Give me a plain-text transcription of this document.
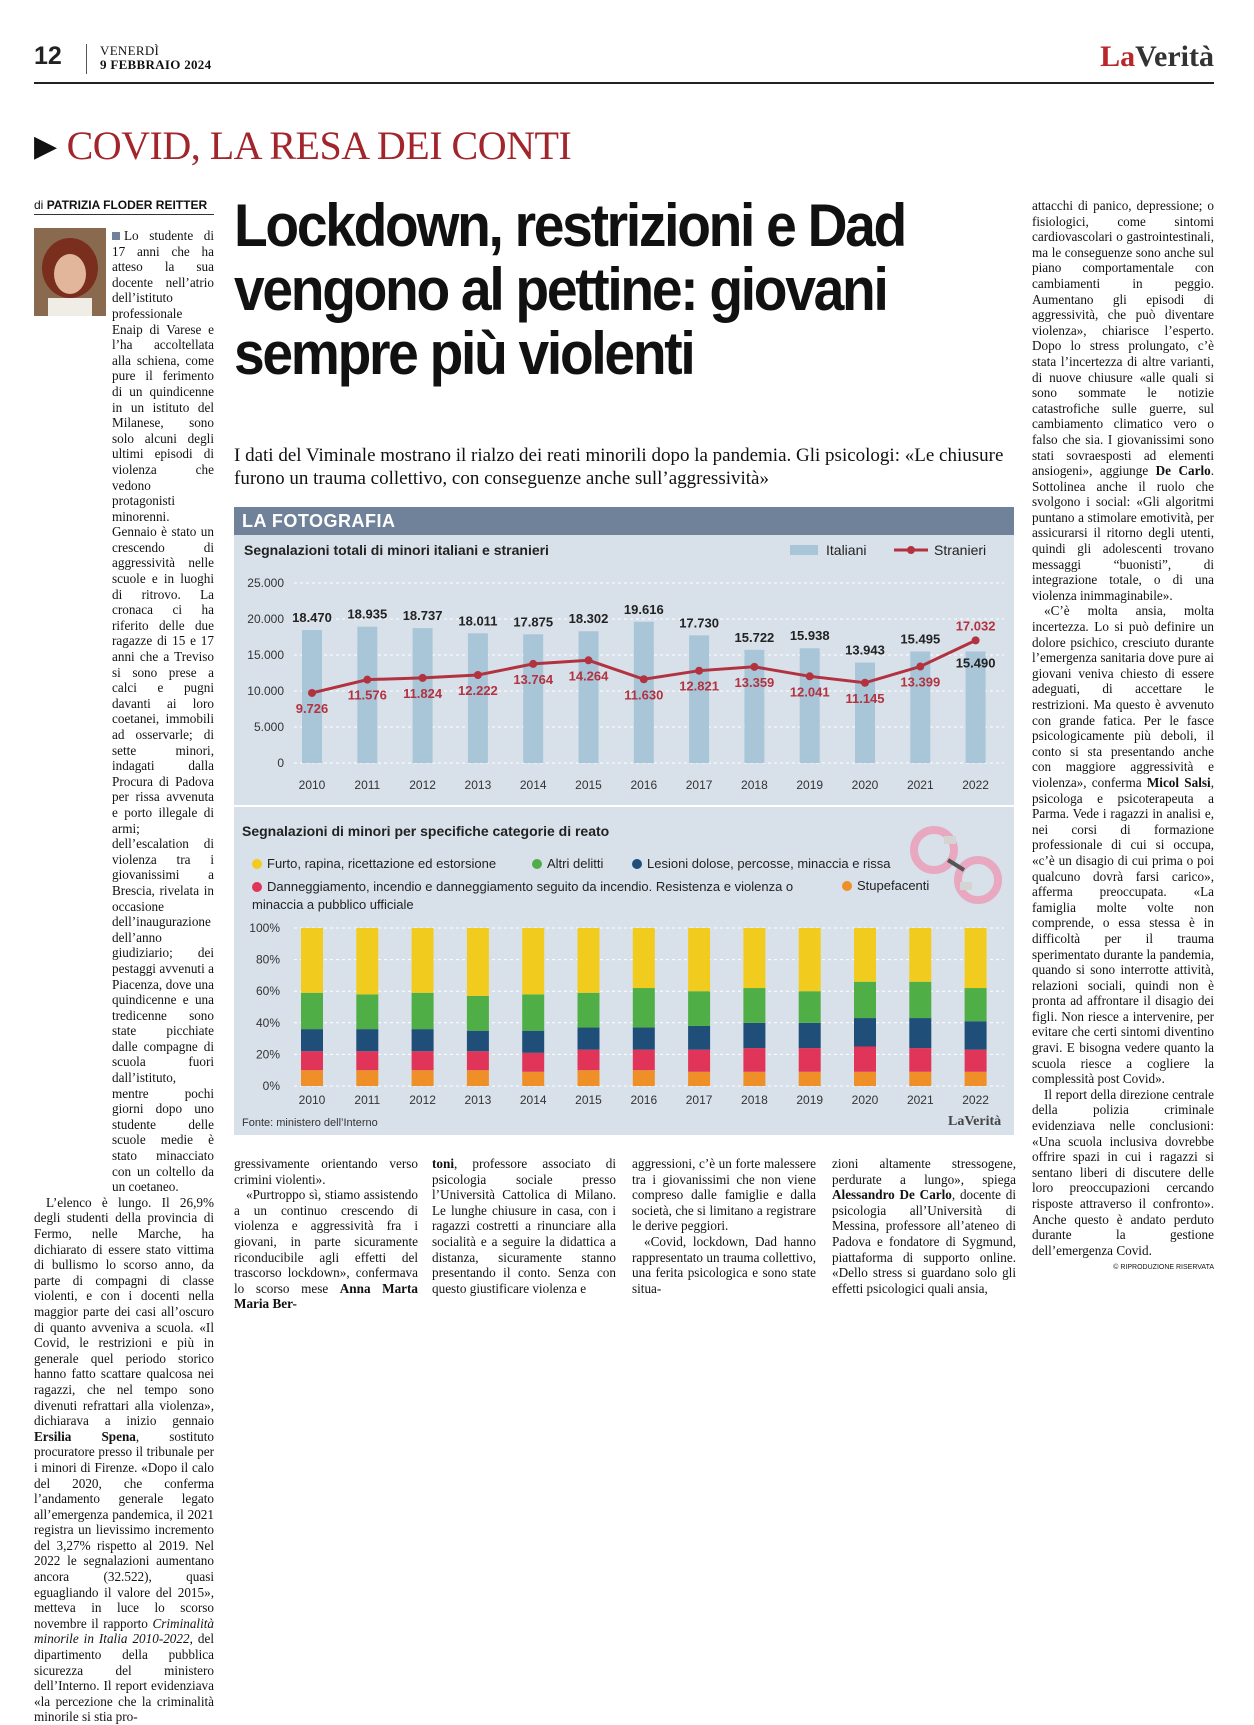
12	VENERDÌ
9 FEBBRAIO 2024	LaVerità
▶ COVID, LA RESA DEI CONTI
di PATRIZIA FLODER REITTER

Lo studente di 17 anni che ha atteso la sua docente nell’atrio dell’istituto professionale Enaip di Varese e l’ha accoltellata alla schiena, come pure il ferimento di un quindicenne in un istituto del Milanese, sono solo alcuni degli ultimi episodi di violenza che vedono protagonisti minorenni. Gennaio è stato un crescendo di aggressività nelle scuole e in luoghi di ritrovo. La cronaca ci ha riferito delle due ragazze di 15 e 17 anni che a Treviso si sono prese a calci e pugni davanti ai loro coetanei, immobili ad osservarle; di sette minori, indagati dalla Procura di Padova per rissa avvenuta e porto illegale di armi; dell’escalation di violenza tra i giovanissimi a Brescia, rivelata in occasione dell’inaugurazione dell’anno giudiziario; dei pestaggi avvenuti a Piacenza, dove una quindicenne e una tredicenne sono state picchiate dalle compagne di scuola fuori dall’istituto, mentre pochi giorni dopo uno studente delle scuole medie è stato minacciato con un coltello da un coetaneo.

L’elenco è lungo. Il 26,9% degli studenti della provincia di Fermo, nelle Marche, ha dichiarato di essere stato vittima di bullismo lo scorso anno, da parte di compagni di classe violenti, e con i docenti nella maggior parte dei casi all’oscuro di quanto avveniva a scuola. «Il Covid, le restrizioni e più in generale quel periodo storico hanno fatto scattare qualcosa nei ragazzi, che nel tempo sono divenuti refrattari alla violenza», dichiarava a inizio gennaio Ersilia Spena, sostituto procuratore presso il tribunale per i minori di Firenze. «Dopo il calo del 2020, che conferma l’andamento generale legato all’emergenza pandemica, il 2021 registra un lievissimo incremento del 3,27% rispetto al 2019. Nel 2022 le segnalazioni aumentano ancora (32.522), quasi eguagliando il valore del 2015», metteva in luce lo scorso novembre il rapporto Criminalità minorile in Italia 2010-2022, del dipartimento della pubblica sicurezza del ministero dell’Interno. Il report evidenziava «la percezione che la criminalità minorile si stia pro-

Lockdown, restrizioni e Dad vengono al pettine: giovani sempre più violenti
I dati del Viminale mostrano il rialzo dei reati minorili dopo la pandemia. Gli psicologi: «Le chiusure furono un trauma collettivo, con conseguenze anche sull’aggressività»
LA FOTOGRAFIA
Segnalazioni totali di minori italiani e stranieri	Italiani	Stranieri
25.000
20.000
15.000
10.000
5.000
0
18.470
2010
18.935
2011
18.737
2012
18.011
2013
17.875
2014
18.302
2015
19.616
2016
17.730
2017
15.722
2018
15.938
2019
13.943
2020
15.495
2021
15.490
2022
9.726
11.576 11.824 12.222
13.764 14.264
11.630
12.821 13.359
12.041 11.145
13.399
17.032
Segnalazioni di minori per specifiche categorie di reato
Furto, rapina, ricettazione ed estorsione	Altri delitti	Lesioni dolose, percosse, minaccia e rissa
Danneggiamento, incendio e danneggiamento seguito da incendio. Resistenza e violenza o minaccia a pubblico ufficiale
Stupefacenti
100%
80%
60%
40%
20%
0%
2010 2011 2012 2013 2014 2015 2016 2017 2018 2019 2020 2021 2022
Fonte: ministero dell’Interno	LaVerità

gressivamente orientando verso crimini violenti».

«Purtroppo sì, stiamo assistendo a un continuo crescendo di violenza e aggressività fra i giovani, in parte sicuramente riconducibile agli effetti del trascorso lockdown», confermava lo scorso mese Anna Marta Maria Ber-

toni, professore associato di psicologia sociale presso l’Università Cattolica di Milano. Le lunghe chiusure in casa, con i ragazzi costretti a rinunciare alla socialità e a seguire la didattica a distanza, sicuramente stanno presentando il conto. Senza con questo giustificare violenza e

aggressioni, c’è un forte malessere tra i giovanissimi che non viene compreso dalle famiglie e dalla società, che si limitano a registrare le derive peggiori.

«Covid, lockdown, Dad hanno rappresentato un trauma collettivo, una ferita psicologica e sono state situa-

zioni altamente stressogene, perdurate a lungo», spiega Alessandro De Carlo, docente di psicologia all’Università di Messina, professore all’ateneo di Padova e fondatore di Sygmund, piattaforma di supporto online. «Dello stress si guardano solo gli effetti psicologici quali ansia,

attacchi di panico, depressione; o fisiologici, come sintomi cardiovascolari o gastrointestinali, ma le conseguenze sono anche sul piano comportamentale con cambiamenti in peggio. Aumentano gli episodi di aggressività, che può diventare violenza», chiarisce l’esperto. Dopo lo stress prolungato, c’è stata l’incertezza di altre varianti, di nuove chiusure «alle quali si sono sommate le notizie catastrofiche sulle guerre, sul cambiamento climatico vero o falso che sia. I giovanissimi sono stati sovraesposti ad elementi ansiogeni», aggiunge De Carlo. Sottolinea anche il ruolo che svolgono i social: «Gli algoritmi puntano a stimolare emotività, per assicurarsi il ritorno degli utenti, quindi gli adolescenti trovano messaggi “buonisti”, di integrazione totale, o di una violenza inimmaginabile».

«C’è molta ansia, molta incertezza. Lo si può definire un dolore psichico, cresciuto durante l’emergenza sanitaria dove pure ai giovani veniva chiesto di essere adeguati, di accettare le restrizioni. Ma questo è avvenuto con grande fatica. Per le fasce psicologicamente più deboli, il conto si sta presentando anche con maggiore aggressività e violenza», conferma Micol Salsi, psicologa e psicoterapeuta a Parma. Vede i ragazzi in analisi e, nei corsi di formazione professionale di cui si occupa, «c’è un disagio di cui prima o poi qualcuno dovrà farsi carico», afferma preoccupata. «La famiglia molte volte non comprende, o essa stessa è in difficoltà per il trauma sperimentato durante la pandemia, quando si sono interrotte attività, relazioni sociali, quindi non è pronta ad affrontare il disagio dei figli. Non riesce a intervenire, per evitare che certi sintomi diventino gravi. E bisogna vedere quanto la scuola riesce a cogliere la complessità post Covid».

Il report della direzione centrale della polizia criminale evidenziava nelle conclusioni: «Una scuola inclusiva dovrebbe offrire spazi in cui i ragazzi si sentano liberi di discutere delle loro preoccupazioni cercando risposte attraverso il confronto». Anche questo è andato perduto durante la gestione dell’emergenza Covid.

© RIPRODUZIONE RISERVATA
